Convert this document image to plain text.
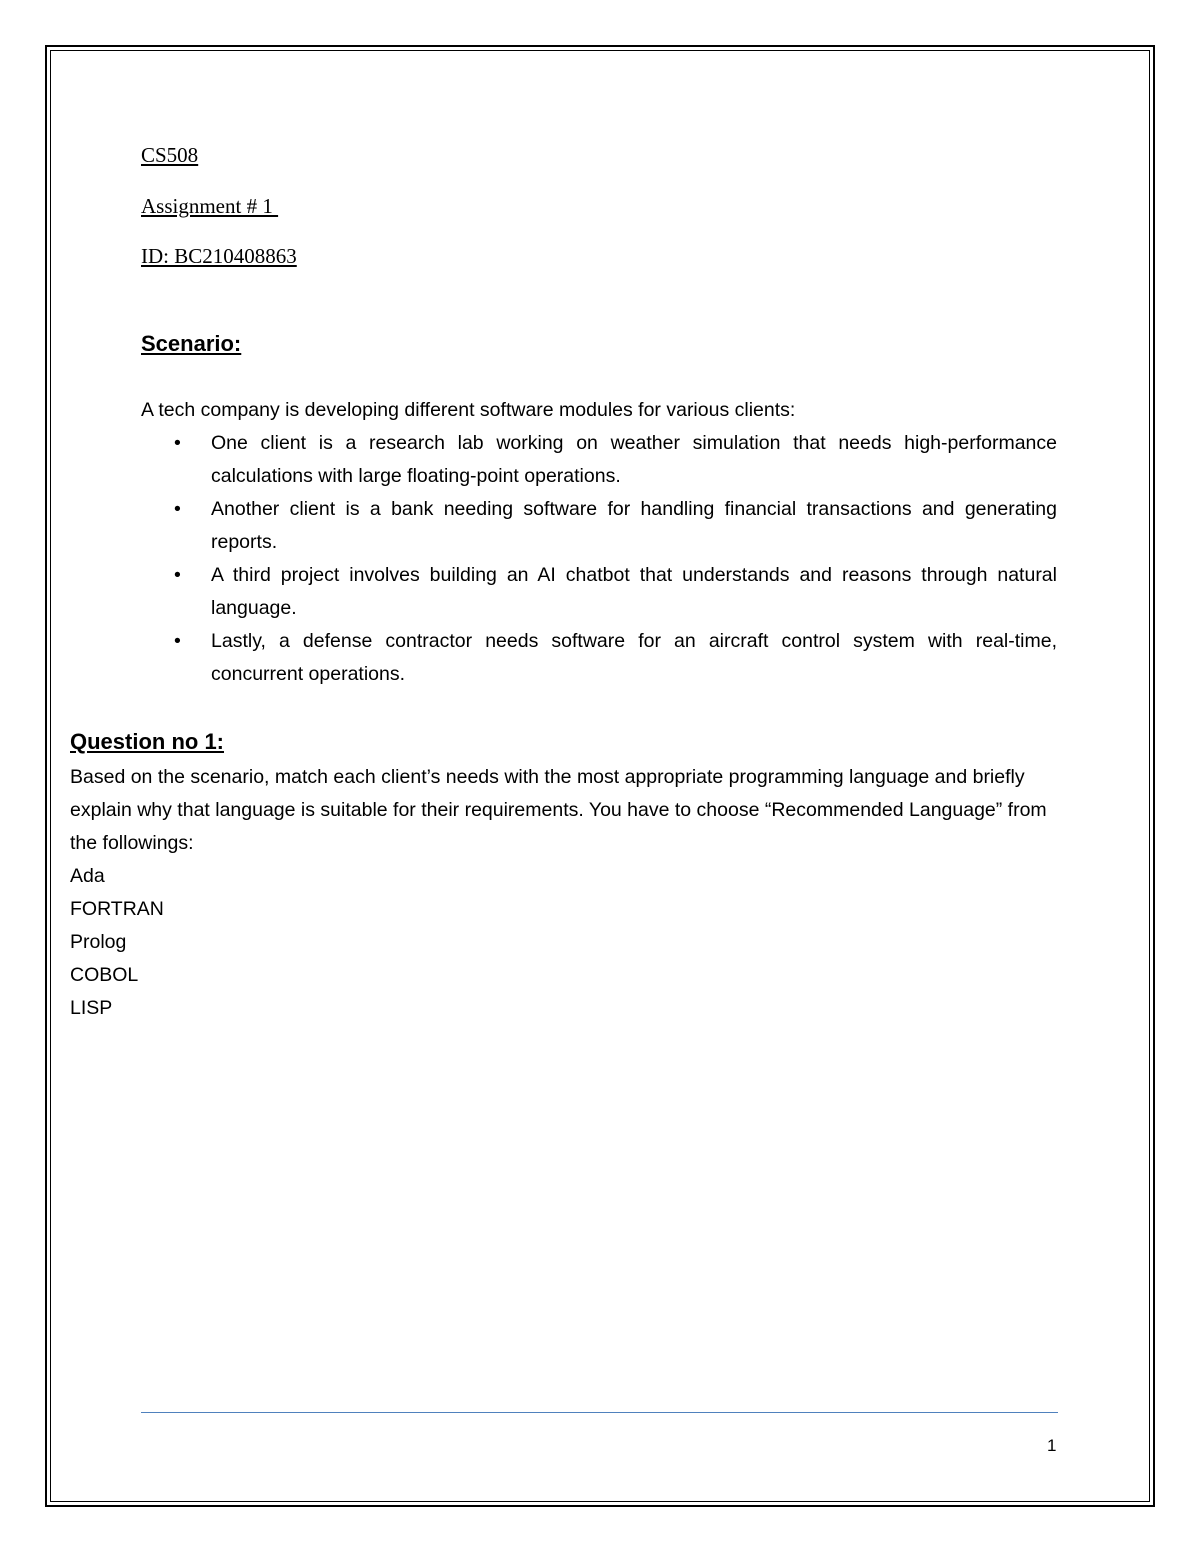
CS508

Assignment # 1

ID: BC210408863

Scenario:

A tech company is developing different software modules for various clients:

• One client is a research lab working on weather simulation that needs high-performance calculations with large floating-point operations.
• Another client is a bank needing software for handling financial transactions and generating reports.
• A third project involves building an AI chatbot that understands and reasons through natural language.
• Lastly, a defense contractor needs software for an aircraft control system with real-time, concurrent operations.
Question no 1:

Based on the scenario, match each client’s needs with the most appropriate programming language and briefly explain why that language is suitable for their requirements. You have to choose “Recommended Language” from the followings:

Ada
FORTRAN
Prolog
COBOL
LISP
1
